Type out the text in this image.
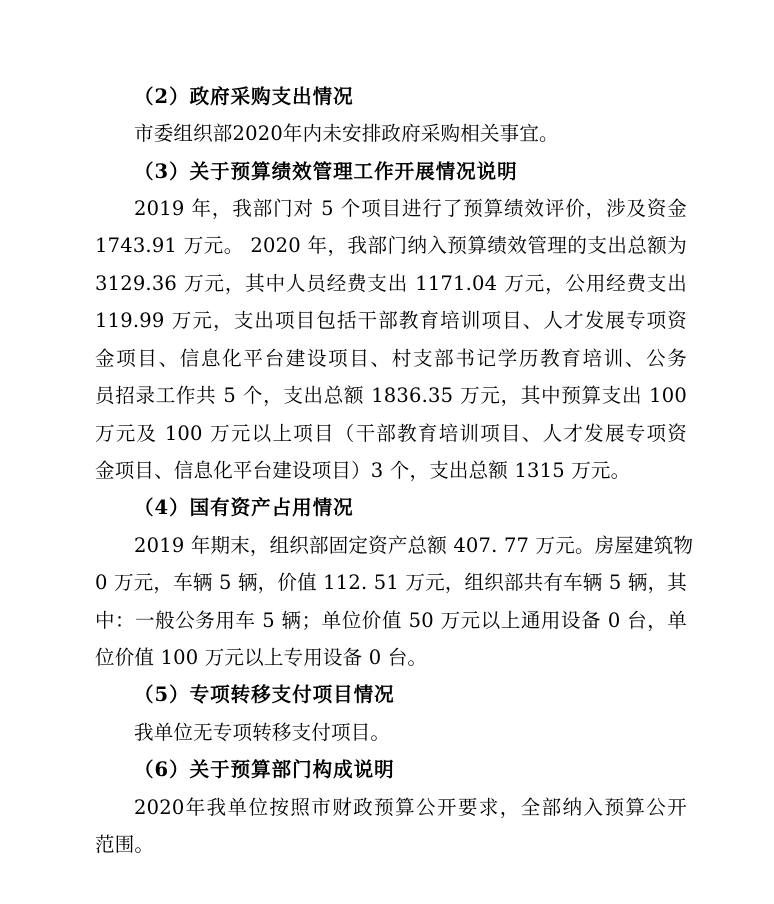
（2）政府采购支出情况
市委组织部2020年内未安排政府采购相关事宜。
（3）关于预算绩效管理工作开展情况说明
2019 年，我部门对 5 个项目进行了预算绩效评价，涉及资金
1743.91 万元。 2020 年，我部门纳入预算绩效管理的支出总额为
3129.36 万元，其中人员经费支出 1171.04 万元，公用经费支出
119.99 万元，支出项目包括干部教育培训项目、人才发展专项资
金项目、信息化平台建设项目、村支部书记学历教育培训、公务
员招录工作共 5 个，支出总额 1836.35 万元，其中预算支出 100
万元及 100 万元以上项目（干部教育培训项目、人才发展专项资
金项目、信息化平台建设项目）3 个，支出总额 1315 万元。
（4）国有资产占用情况
2019 年期末，组织部固定资产总额 407. 77 万元。房屋建筑物
0 万元，车辆 5 辆，价值 112. 51 万元，组织部共有车辆 5 辆，其
中：一般公务用车 5 辆；单位价值 50 万元以上通用设备 0 台，单
位价值 100 万元以上专用设备 0 台。
（5）专项转移支付项目情况
我单位无专项转移支付项目。
（6）关于预算部门构成说明
2020年我单位按照市财政预算公开要求，全部纳入预算公开
范围。
